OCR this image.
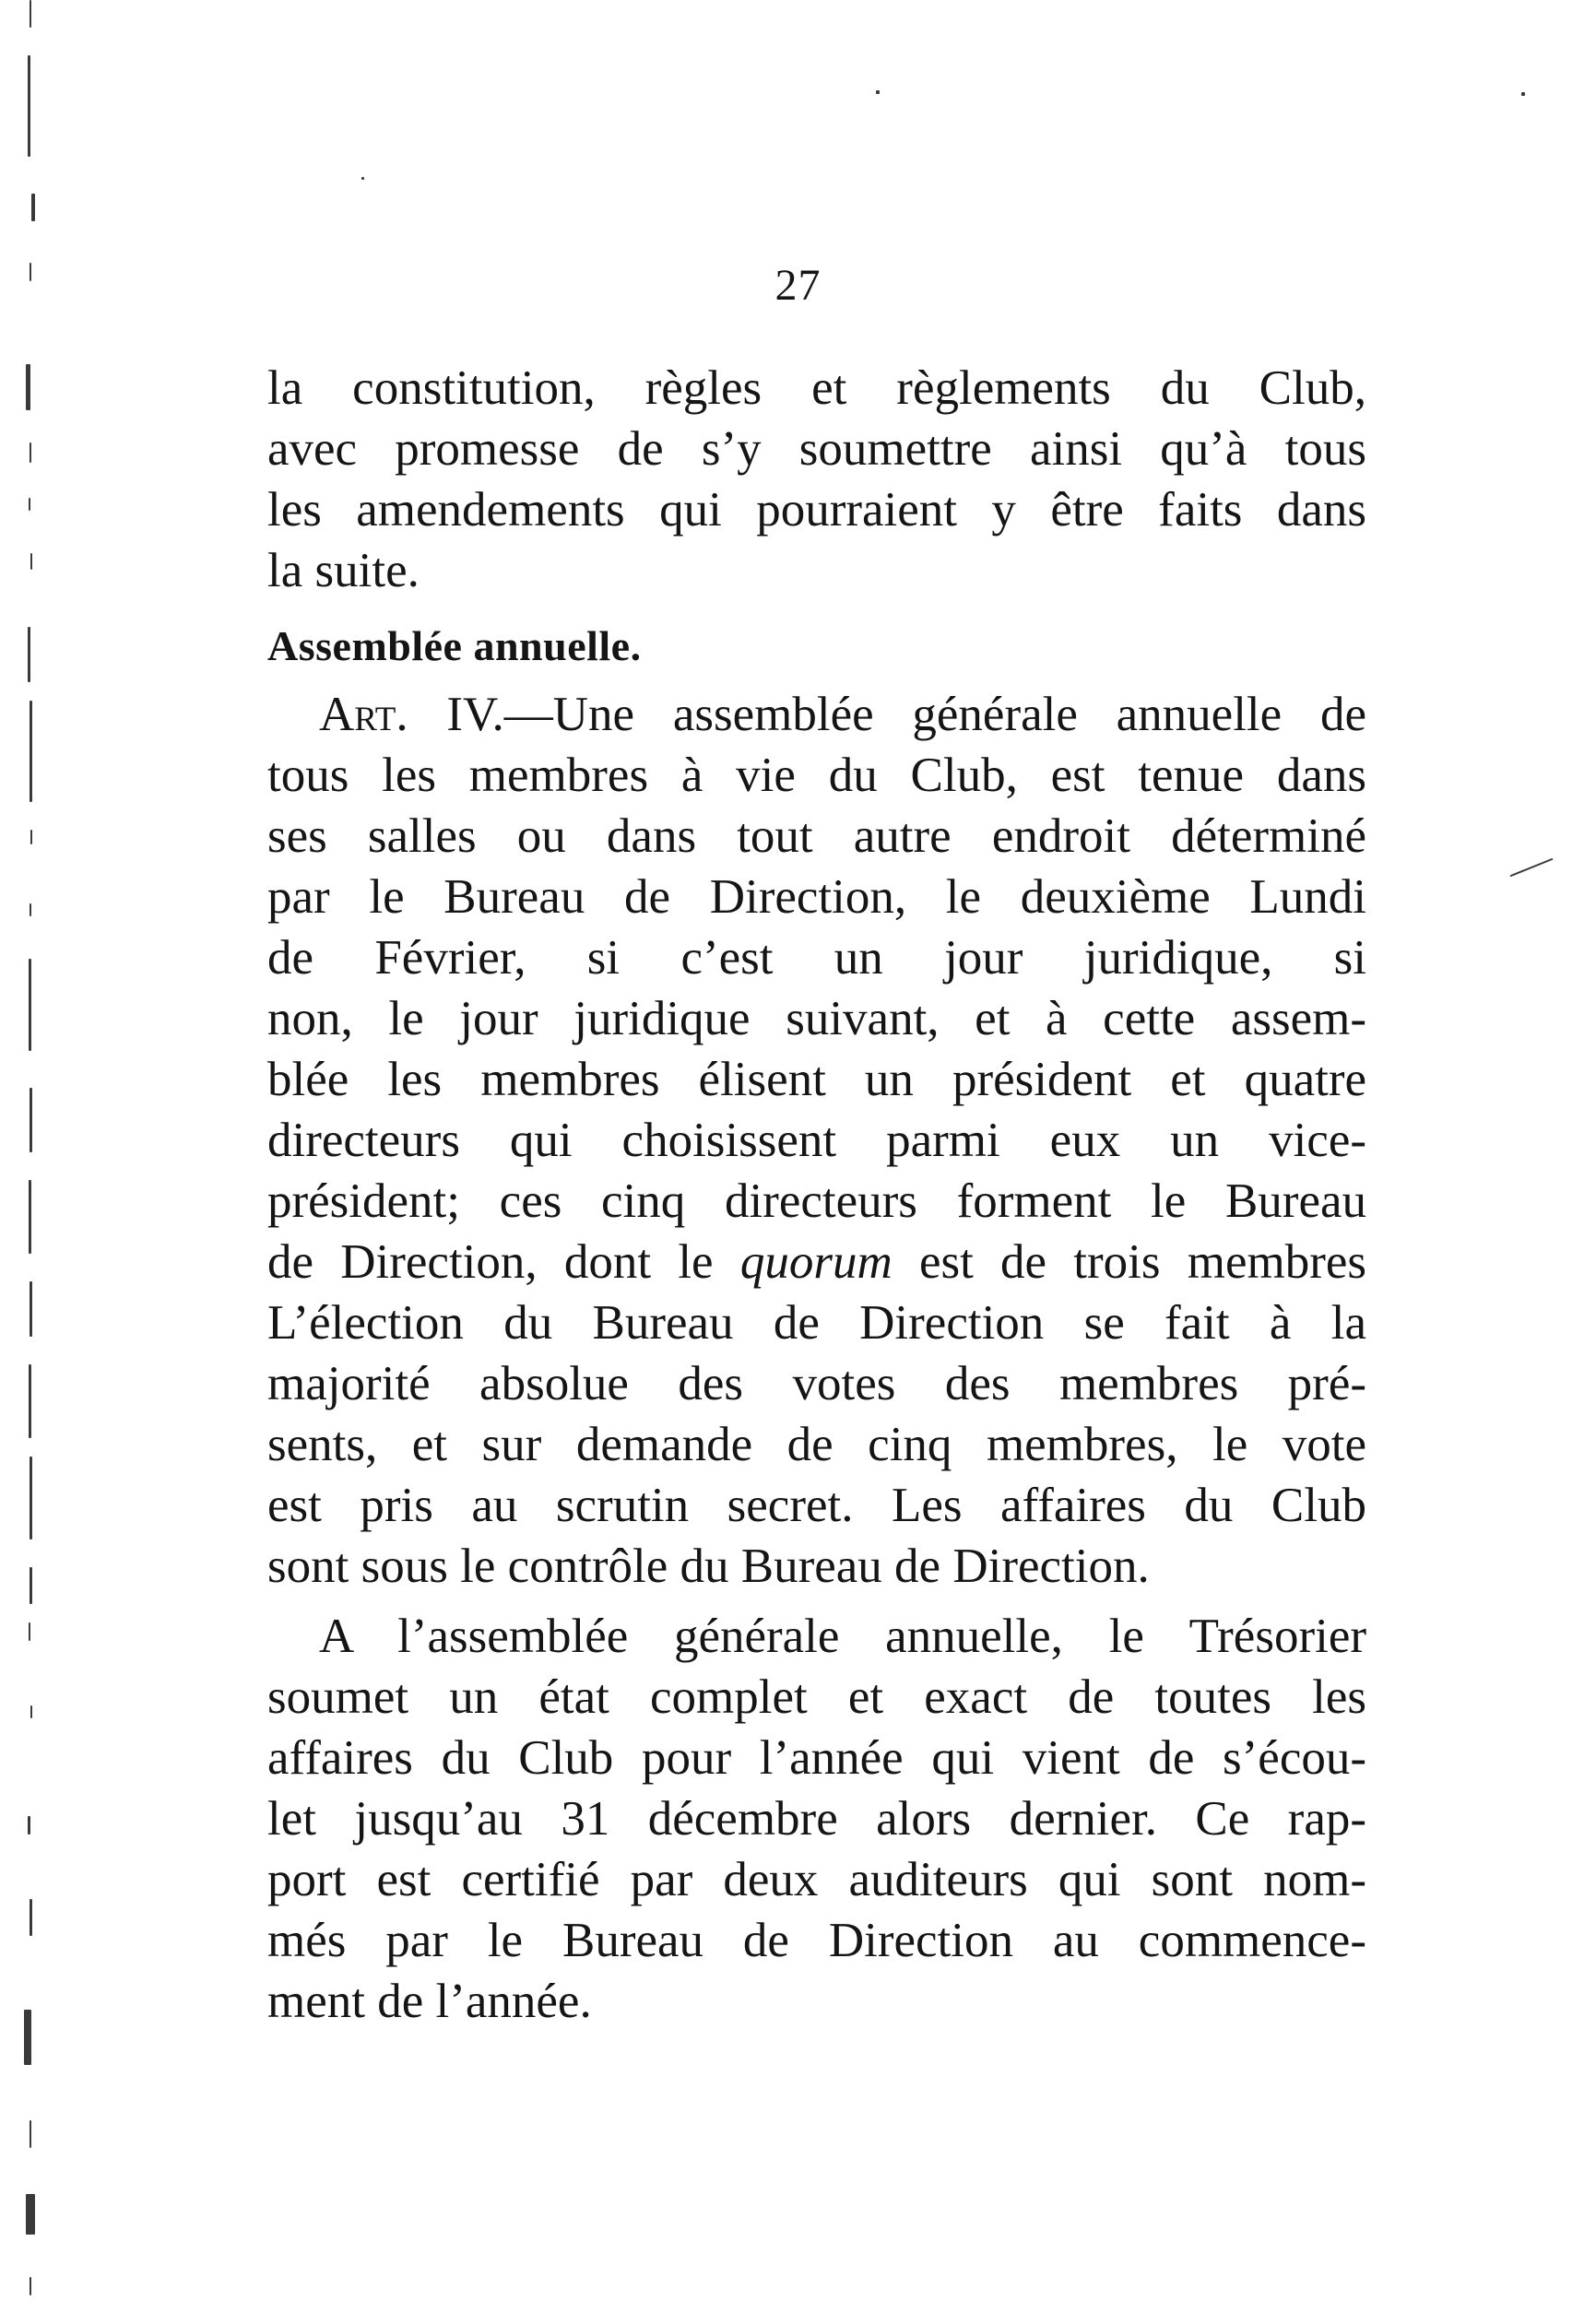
27
la constitution, règles et règlements du Club,
avec promesse de s’y soumettre ainsi qu’à tous
les amendements qui pourraient y être faits dans
la suite.
Assemblée annuelle.
Art. IV.—Une assemblée générale annuelle de
tous les membres à vie du Club, est tenue dans
ses salles ou dans tout autre endroit déterminé
par le Bureau de Direction, le deuxième Lundi
de Février, si c’est un jour juridique, si
non, le jour juridique suivant, et à cette assem-
blée les membres élisent un président et quatre
directeurs qui choisissent parmi eux un vice-
président; ces cinq directeurs forment le Bureau
de Direction, dont le quorum est de trois membres
L’élection du Bureau de Direction se fait à la
majorité absolue des votes des membres pré-
sents, et sur demande de cinq membres, le vote
est pris au scrutin secret. Les affaires du Club
sont sous le contrôle du Bureau de Direction.
A l’assemblée générale annuelle, le Trésorier
soumet un état complet et exact de toutes les
affaires du Club pour l’année qui vient de s’écou-
let jusqu’au 31 décembre alors dernier. Ce rap-
port est certifié par deux auditeurs qui sont nom-
més par le Bureau de Direction au commence-
ment de l’année.
